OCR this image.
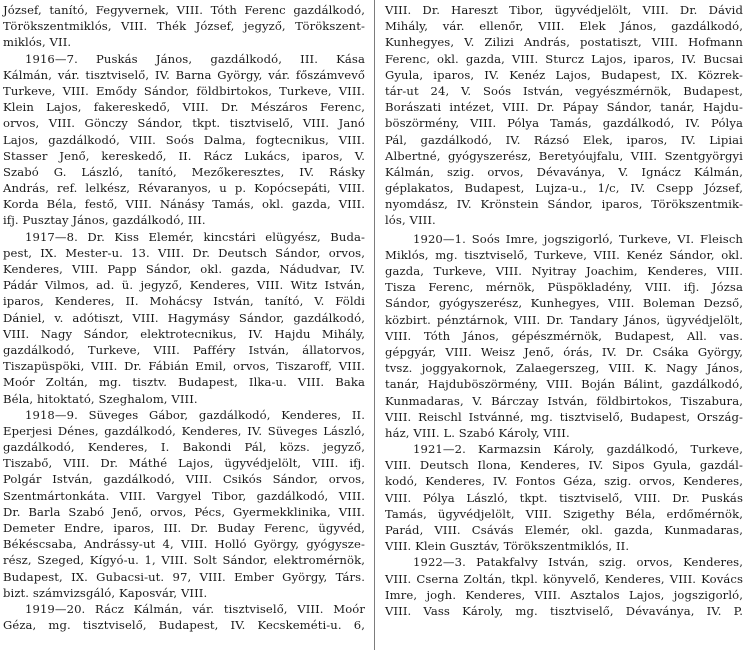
József, tanító, Fegyvernek, VIII. Tóth Ferenc gazdálkodó,
Törökszentmiklós, VIII. Thék József, jegyző, Törökszent-
miklós, VII.
1916—7. Puskás János, gazdálkodó, III. Kása
Kálmán, vár. tisztviselő, IV. Barna György, vár. főszámvevő
Turkeve, VIII. Emődy Sándor, földbirtokos, Turkeve, VIII.
Klein Lajos, fakereskedő, VIII. Dr. Mészáros Ferenc,
orvos, VIII. Gönczy Sándor, tkpt. tisztviselő, VIII. Janó
Lajos, gazdálkodó, VIII. Soós Dalma, fogtecnikus, VIII.
Stasser Jenő, kereskedő, II. Rácz Lukács, iparos, V.
Szabó G. László, tanító, Mezőkeresztes, IV. Rásky
András, ref. lelkész, Révaranyos, u p. Kopócsepáti, VIII.
Korda Béla, festő, VIII. Nánásy Tamás, okl. gazda, VIII.
ifj. Pusztay János, gazdálkodó, III.
1917—8. Dr. Kiss Elemér, kincstári elügyész, Buda-
pest, IX. Mester-u. 13. VIII. Dr. Deutsch Sándor, orvos,
Kenderes, VIII. Papp Sándor, okl. gazda, Nádudvar, IV.
Pádár Vilmos, ad. ü. jegyző, Kenderes, VIII. Witz István,
iparos, Kenderes, II. Mohácsy István, tanító, V. Földi
Dániel, v. adótiszt, VIII. Hagymásy Sándor, gazdálkodó,
VIII. Nagy Sándor, elektrotecnikus, IV. Hajdu Mihály,
gazdálkodó, Turkeve, VIII. Pafféry István, állatorvos,
Tiszapüspöki, VIII. Dr. Fábián Emil, orvos, Tiszaroff, VIII.
Moór Zoltán, mg. tisztv. Budapest, Ilka-u. VIII. Baka
Béla, hitoktató, Szeghalom, VIII.
1918—9. Süveges Gábor, gazdálkodó, Kenderes, II.
Eperjesi Dénes, gazdálkodó, Kenderes, IV. Süveges László,
gazdálkodó, Kenderes, I. Bakondi Pál, közs. jegyző,
Tiszabő, VIII. Dr. Máthé Lajos, ügyvédjelölt, VIII. ifj.
Polgár István, gazdálkodó, VIII. Csikós Sándor, orvos,
Szentmártonkáta. VIII. Vargyel Tibor, gazdálkodó, VIII.
Dr. Barla Szabó Jenő, orvos, Pécs, Gyermekklinika, VIII.
Demeter Endre, iparos, III. Dr. Buday Ferenc, ügyvéd,
Békéscsaba, Andrássy-ut 4, VIII. Holló György, gyógysze-
rész, Szeged, Kígyó-u. 1, VIII. Solt Sándor, elektromérnök,
Budapest, IX. Gubacsi-ut. 97, VIII. Ember György, Társ.
bizt. számvizsgáló, Kaposvár, VIII.
1919—20. Rácz Kálmán, vár. tisztviselő, VIII. Moór
Géza, mg. tisztviselő, Budapest, IV. Kecskeméti-u. 6,
VIII. Dr. Hareszt Tibor, ügyvédjelölt, VIII. Dr. Dávid
Mihály, vár. ellenőr, VIII. Elek János, gazdálkodó,
Kunhegyes, V. Zilizi András, postatiszt, VIII. Hofmann
Ferenc, okl. gazda, VIII. Sturcz Lajos, iparos, IV. Bucsai
Gyula, iparos, IV. Kenéz Lajos, Budapest, IX. Közrek-
tár-ut 24, V. Soós István, vegyészmérnök, Budapest,
Borászati intézet, VIII. Dr. Pápay Sándor, tanár, Hajdu-
böszörmény, VIII. Pólya Tamás, gazdálkodó, IV. Pólya
Pál, gazdálkodó, IV. Rázsó Elek, iparos, IV. Lipiai
Albertné, gyógyszerész, Beretyóujfalu, VIII. Szentgyörgyi
Kálmán, szig. orvos, Dévaványa, V. Ignácz Kálmán,
géplakatos, Budapest, Lujza-u., 1/c, IV. Csepp József,
nyomdász, IV. Krönstein Sándor, iparos, Törökszentmik-
lós, VIII.
1920—1. Soós Imre, jogszigorló, Turkeve, VI. Fleisch
Miklós, mg. tisztviselő, Turkeve, VIII. Kenéz Sándor, okl.
gazda, Turkeve, VIII. Nyitray Joachim, Kenderes, VIII.
Tisza Ferenc, mérnök, Püspökladény, VIII. ifj. Józsa
Sándor, gyógyszerész, Kunhegyes, VIII. Boleman Dezső,
közbirt. pénztárnok, VIII. Dr. Tandary János, ügyvédjelölt,
VIII. Tóth János, gépészmérnök, Budapest, All. vas.
gépgyár, VIII. Weisz Jenő, órás, IV. Dr. Csáka György,
tvsz. joggyakornok, Zalaegerszeg, VIII. K. Nagy János,
tanár, Hajduböszörmény, VIII. Boján Bálint, gazdálkodó,
Kunmadaras, V. Bárczay István, földbirtokos, Tiszabura,
VIII. Reischl Istvánné, mg. tisztviselő, Budapest, Ország-
ház, VIII. L. Szabó Károly, VIII.
1921—2. Karmazsin Károly, gazdálkodó, Turkeve,
VIII. Deutsch Ilona, Kenderes, IV. Sipos Gyula, gazdál-
kodó, Kenderes, IV. Fontos Géza, szig. orvos, Kenderes,
VIII. Pólya László, tkpt. tisztviselő, VIII. Dr. Puskás
Tamás, ügyvédjelölt, VIII. Szigethy Béla, erdőmérnök,
Parád, VIII. Csávás Elemér, okl. gazda, Kunmadaras,
VIII. Klein Gusztáv, Törökszentmiklós, II.
1922—3. Patakfalvy István, szig. orvos, Kenderes,
VIII. Cserna Zoltán, tkpl. könyvelő, Kenderes, VIII. Kovács
Imre, jogh. Kenderes, VIII. Asztalos Lajos, jogszigorló,
VIII. Vass Károly, mg. tisztviselő, Dévaványa, IV. P.
